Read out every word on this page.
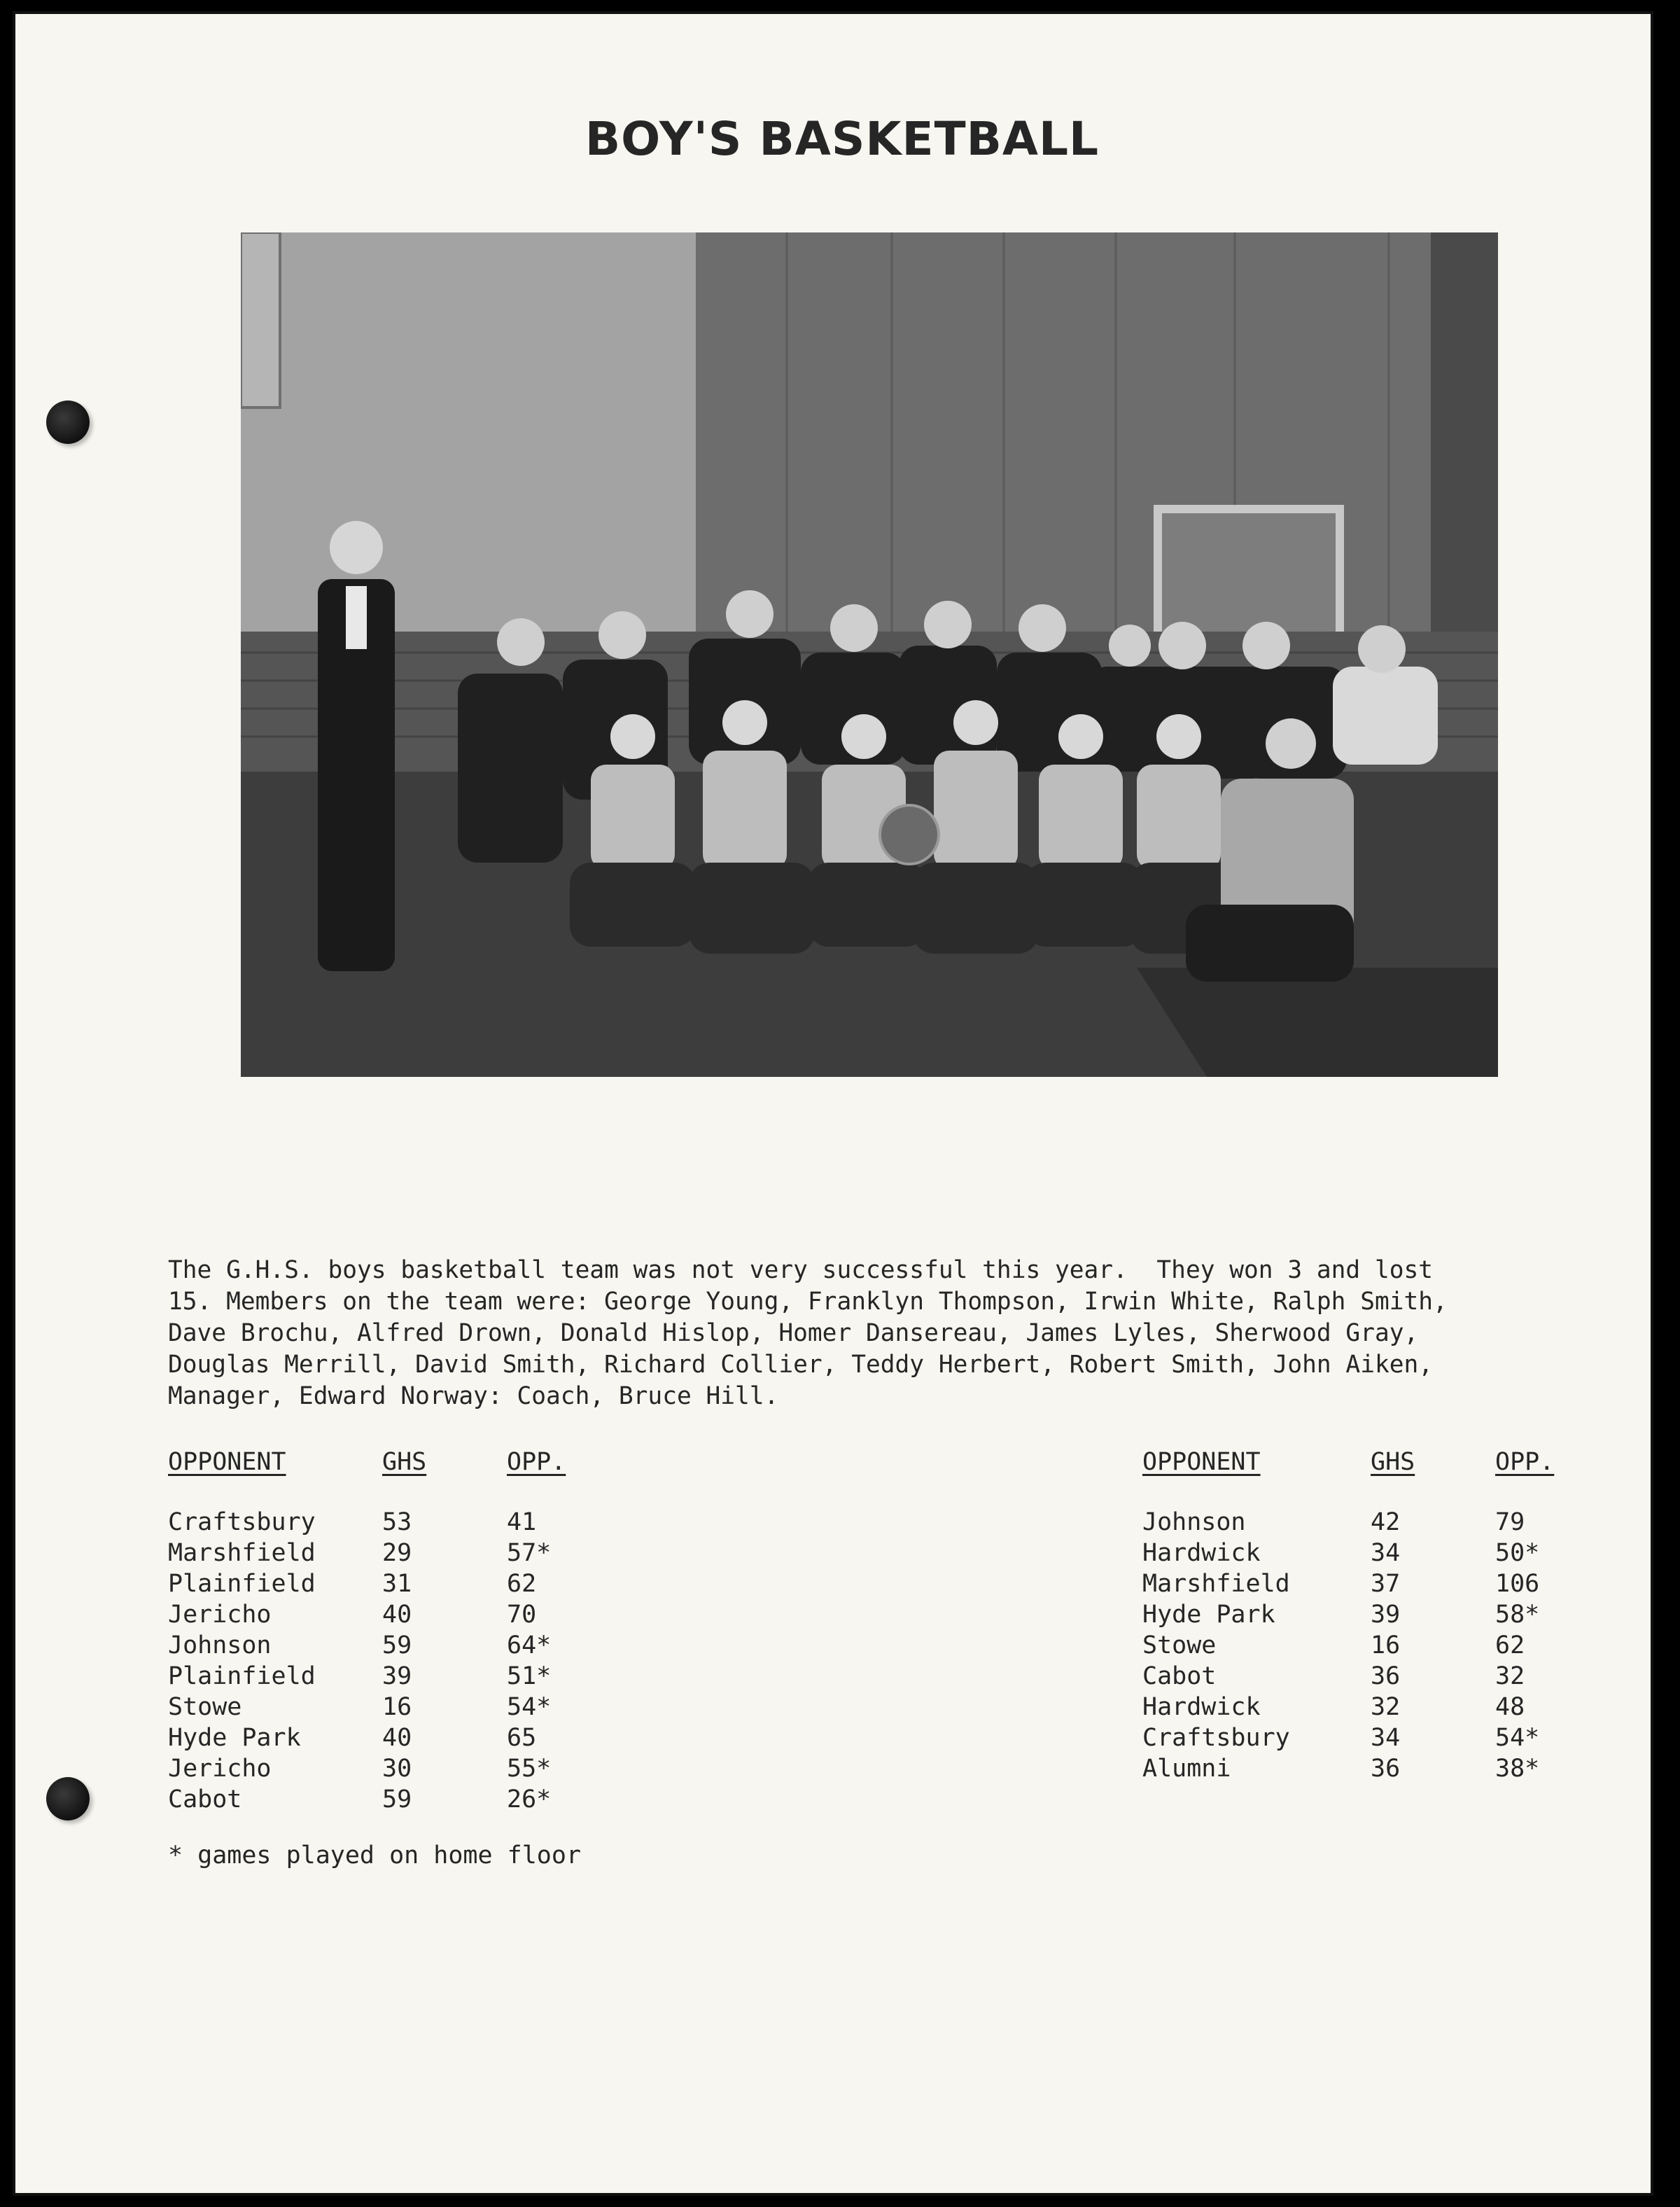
BOY'S BASKETBALL

The G.H.S. boys basketball team was not very successful this year.  They won 3 and lost
15. Members on the team were: George Young, Franklyn Thompson, Irwin White, Ralph Smith,
Dave Brochu, Alfred Drown, Donald Hislop, Homer Dansereau, James Lyles, Sherwood Gray,
Douglas Merrill, David Smith, Richard Collier, Teddy Herbert, Robert Smith, John Aiken,
Manager, Edward Norway: Coach, Bruce Hill.

OPPONENT	GHS	OPP.
Craftsbury	53	41
Marshfield	29	57*
Plainfield	31	62
Jericho	40	70
Johnson	59	64*
Plainfield	39	51*
Stowe	16	54*
Hyde Park	40	65
Jericho	30	55*
Cabot	59	26*
OPPONENT	GHS	OPP.
Johnson	42	79
Hardwick	34	50*
Marshfield	37	106
Hyde Park	39	58*
Stowe	16	62
Cabot	36	32
Hardwick	32	48
Craftsbury	34	54*
Alumni	36	38*
* games played on home floor
